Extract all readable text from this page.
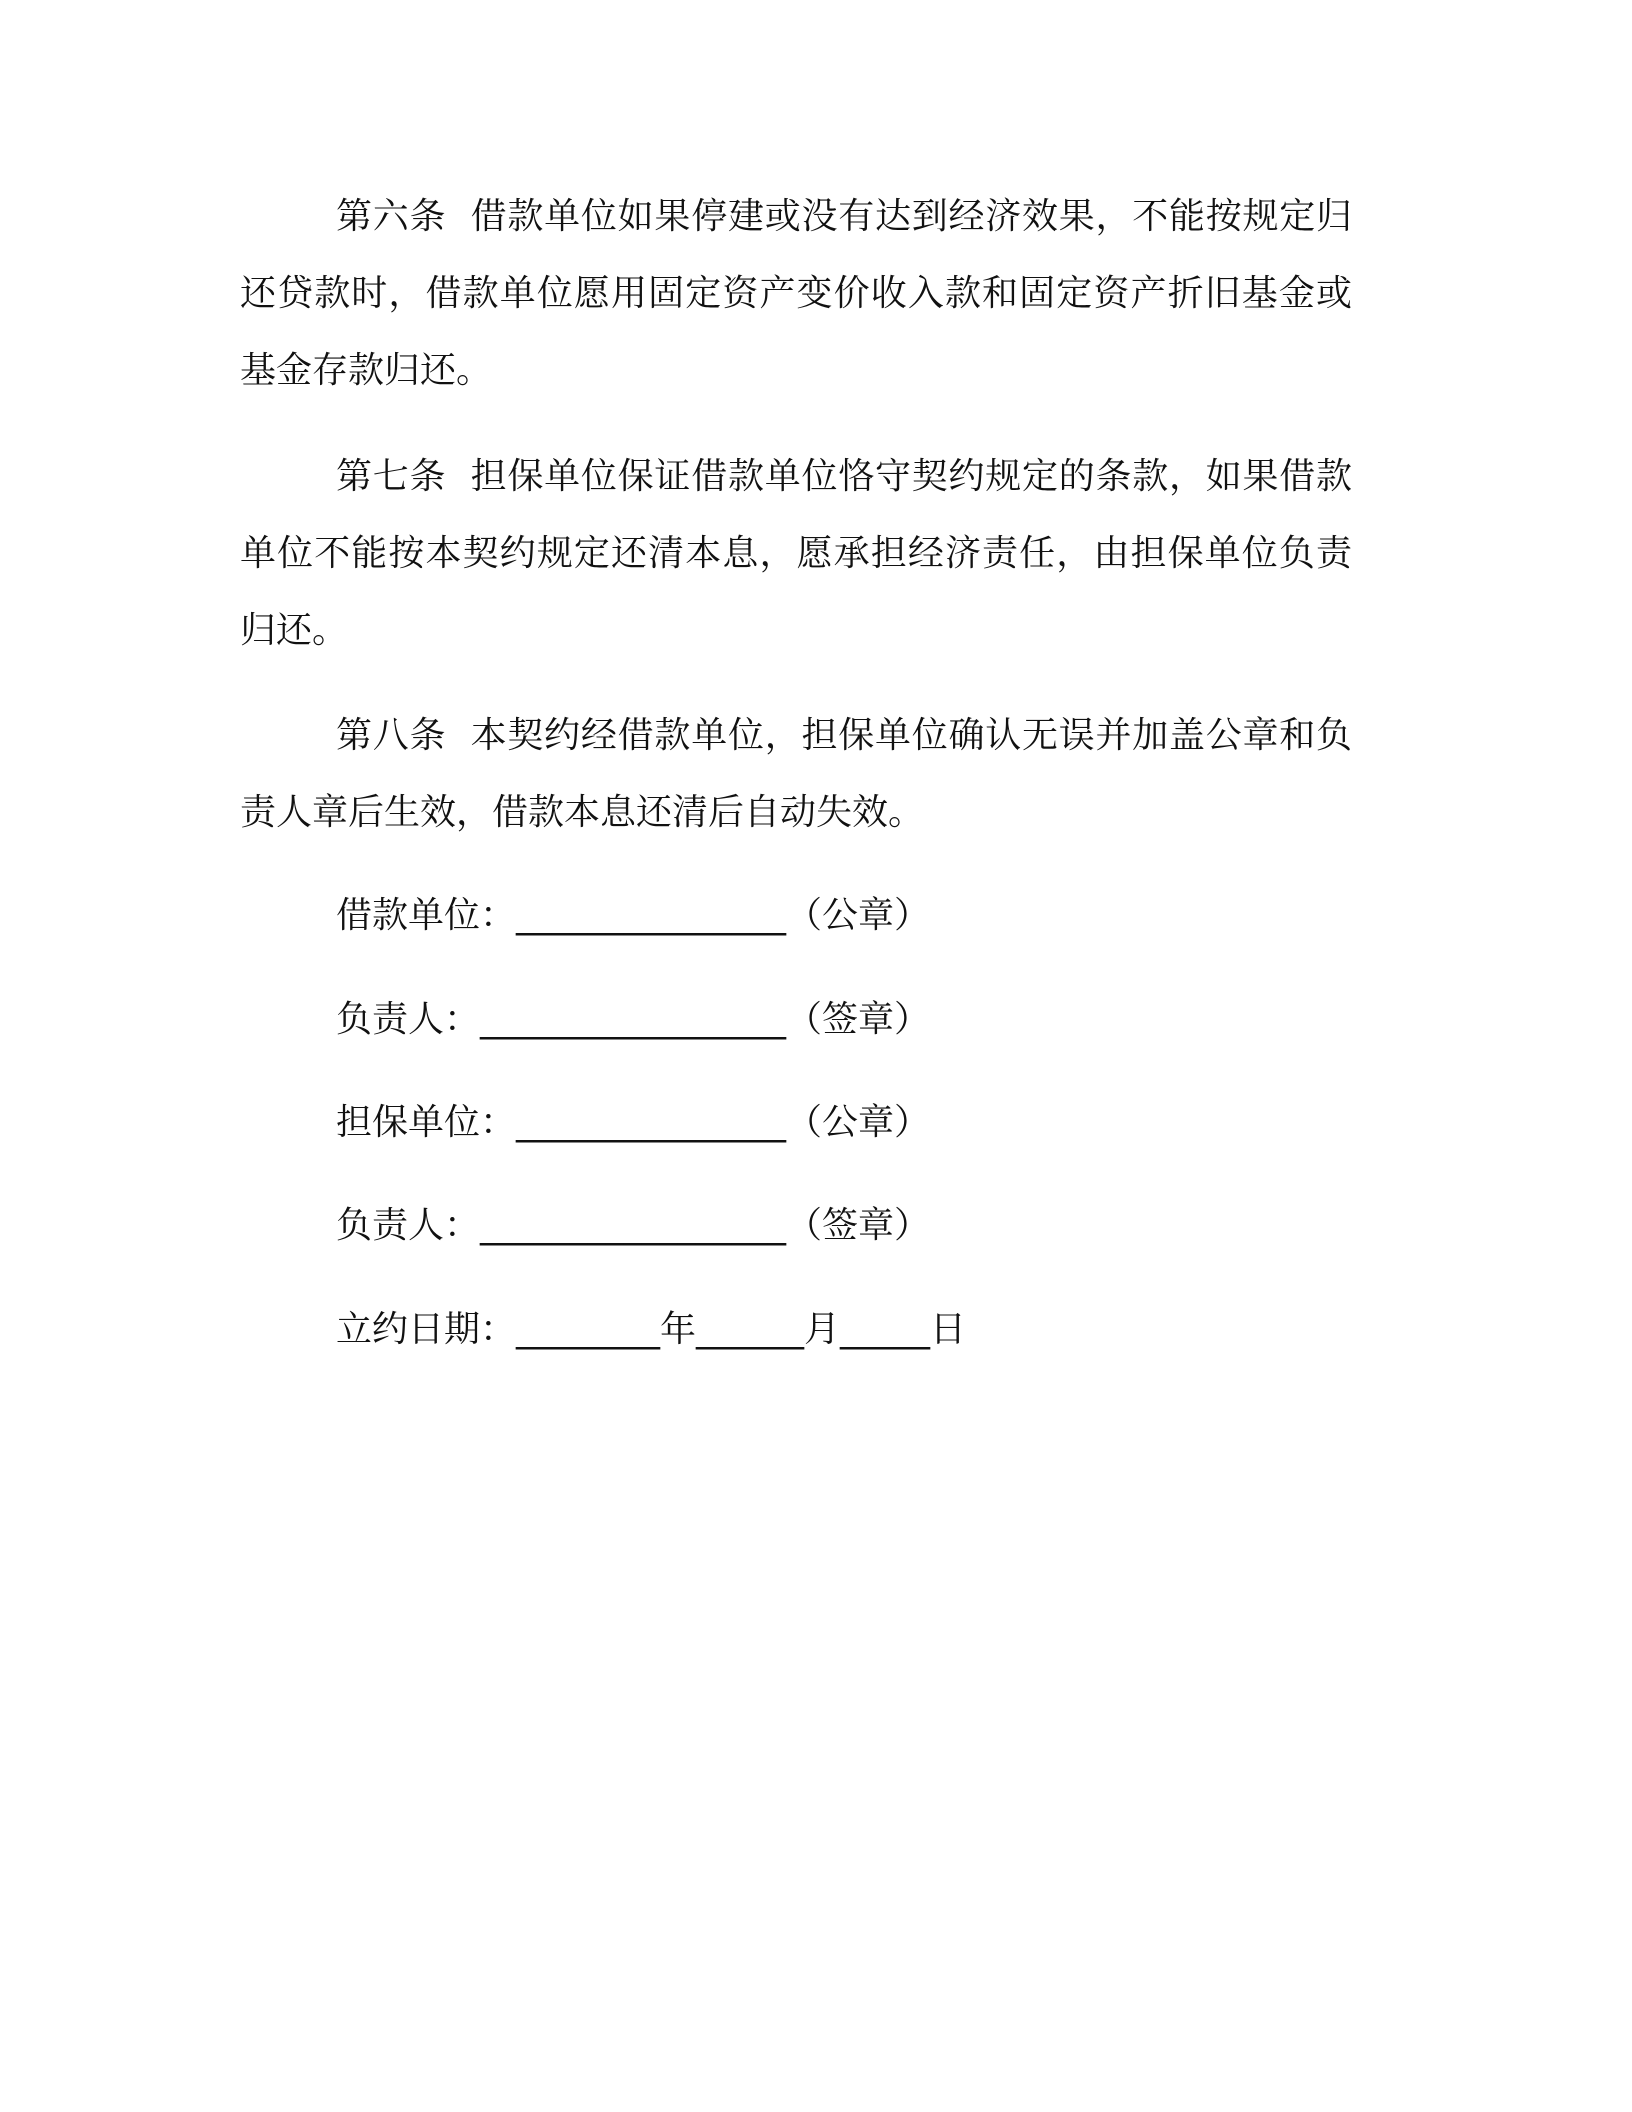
第六条 借款单位如果停建或没有达到经济效果，不能按规定归还贷款时，借款单位愿用固定资产变价收入款和固定资产折旧基金或基金存款归还。

第七条 担保单位保证借款单位恪守契约规定的条款，如果借款单位不能按本契约规定还清本息，愿承担经济责任，由担保单位负责归还。

第八条 本契约经借款单位，担保单位确认无误并加盖公章和负责人章后生效，借款本息还清后自动失效。

借款单位：_______________（公章）

负责人：_________________（签章）

担保单位：_______________（公章）

负责人：_________________（签章）

立约日期：________年______月_____日
